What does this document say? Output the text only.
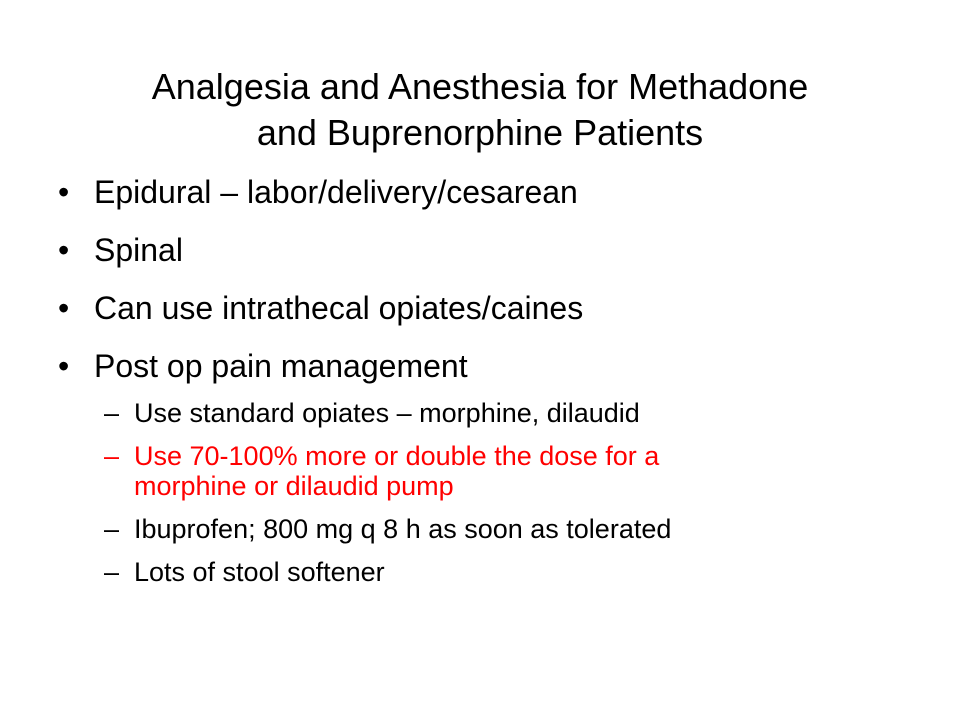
Analgesia and Anesthesia for Methadone
and Buprenorphine Patients
• Epidural – labor/delivery/cesarean
• Spinal
• Can use intrathecal opiates/caines
• Post op pain management
– Use standard opiates – morphine, dilaudid
– Use 70-100% more or double the dose for a
morphine or dilaudid pump
– Ibuprofen; 800 mg q 8 h as soon as tolerated
– Lots of stool softener
